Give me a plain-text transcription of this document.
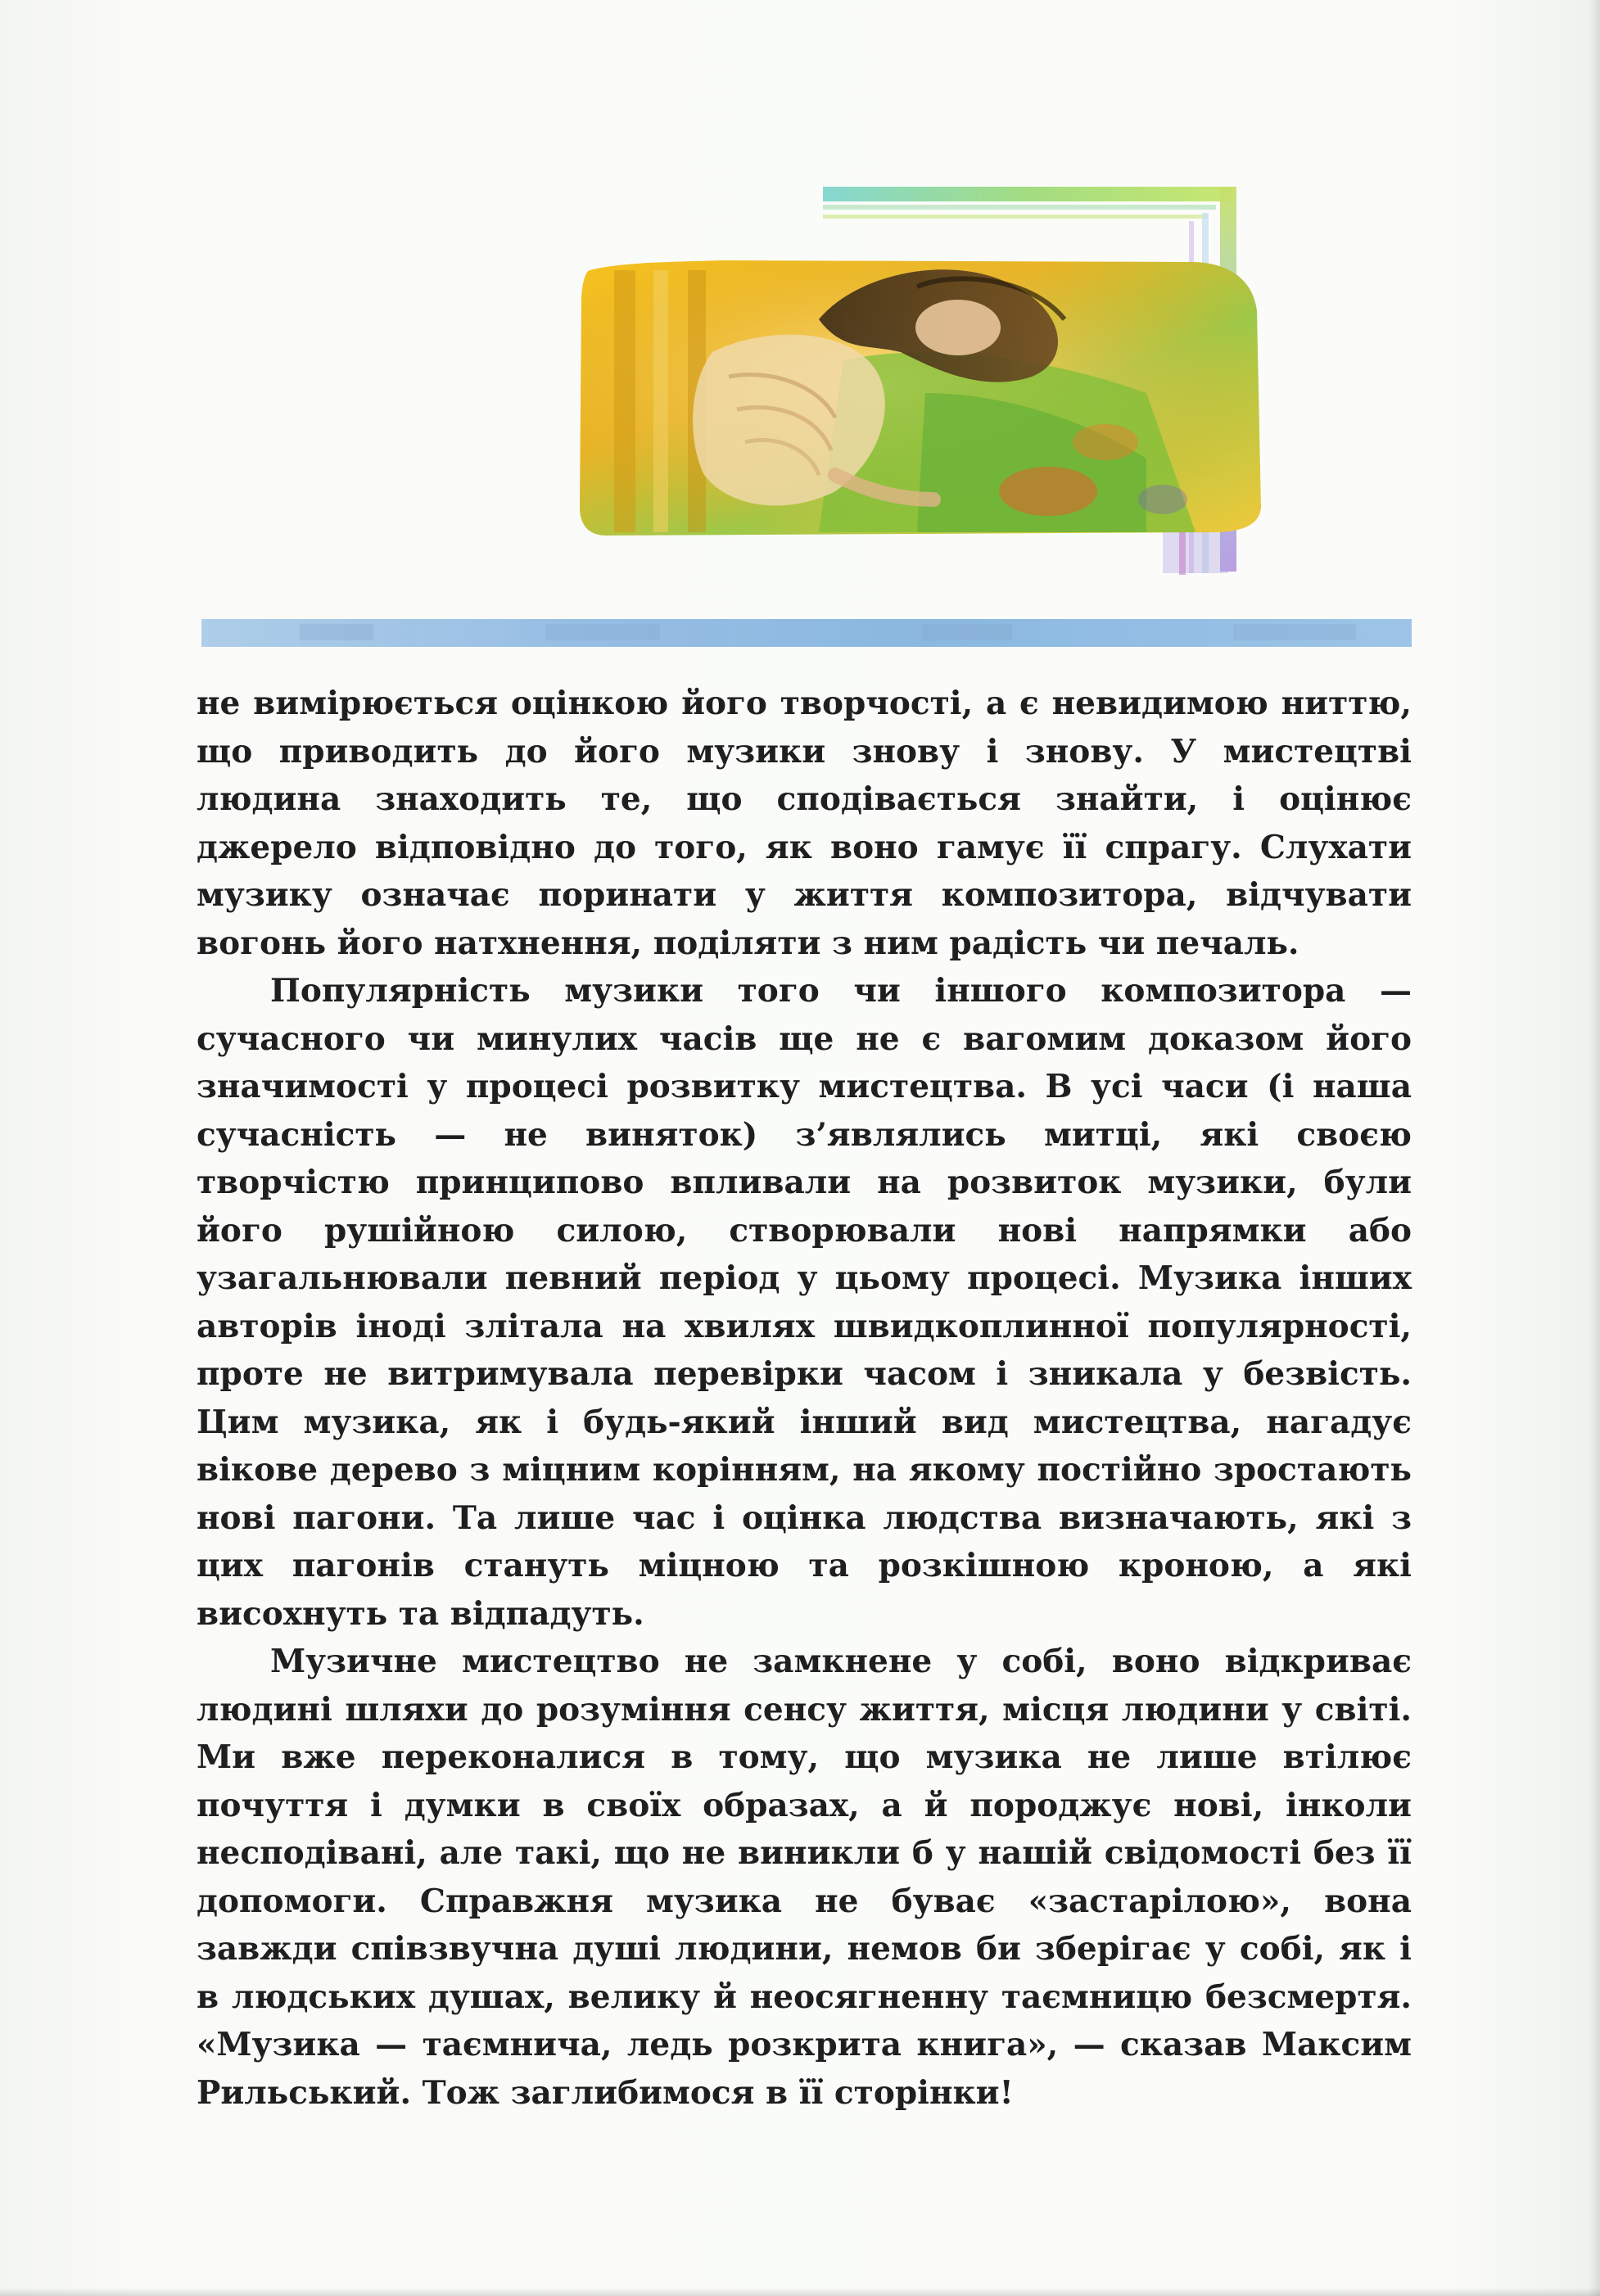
не вимірюється оцінкою його творчості, а є невидимою ниттю, що приводить до його музики знову і знову. У мистецтві людина знаходить те, що сподівається знайти, і оцінює джерело відповідно до того, як воно гамує її спрагу. Слухати музику означає поринати у життя композитора, відчувати вогонь його натхнення, поділяти з ним радість чи печаль.

Популярність музики того чи іншого композитора — сучасного чи минулих часів ще не є вагомим доказом його значимості у процесі розвитку мистецтва. В усі часи (і наша сучасність — не виняток) з’являлись митці, які своєю творчістю принципово впливали на розвиток музики, були його рушійною силою, створювали нові напрямки або узагальнювали певний період у цьому процесі. Музика інших авторів іноді злітала на хвилях швидкоплинної популярності, проте не витримувала перевірки часом і зникала у безвість. Цим музика, як і будь-який інший вид мистецтва, нагадує вікове дерево з міцним корінням, на якому постійно зростають нові пагони. Та лише час і оцінка людства визначають, які з цих пагонів стануть міцною та розкішною кроною, а які висохнуть та відпадуть.

Музичне мистецтво не замкнене у собі, воно відкриває людині шляхи до розуміння сенсу життя, місця людини у світі. Ми вже переконалися в тому, що музика не лише втілює почуття і думки в своїх образах, а й породжує нові, інколи несподівані, але такі, що не виникли б у нашій свідомості без її допомоги. Справжня музика не буває «застарілою», вона завжди співзвучна душі людини, немов би зберігає у собі, як і в людських душах, велику й неосягненну таємницю безсмертя. «Музика — таємнича, ледь розкрита книга», — сказав Максим Рильський. Тож заглибимося в її сторінки!
